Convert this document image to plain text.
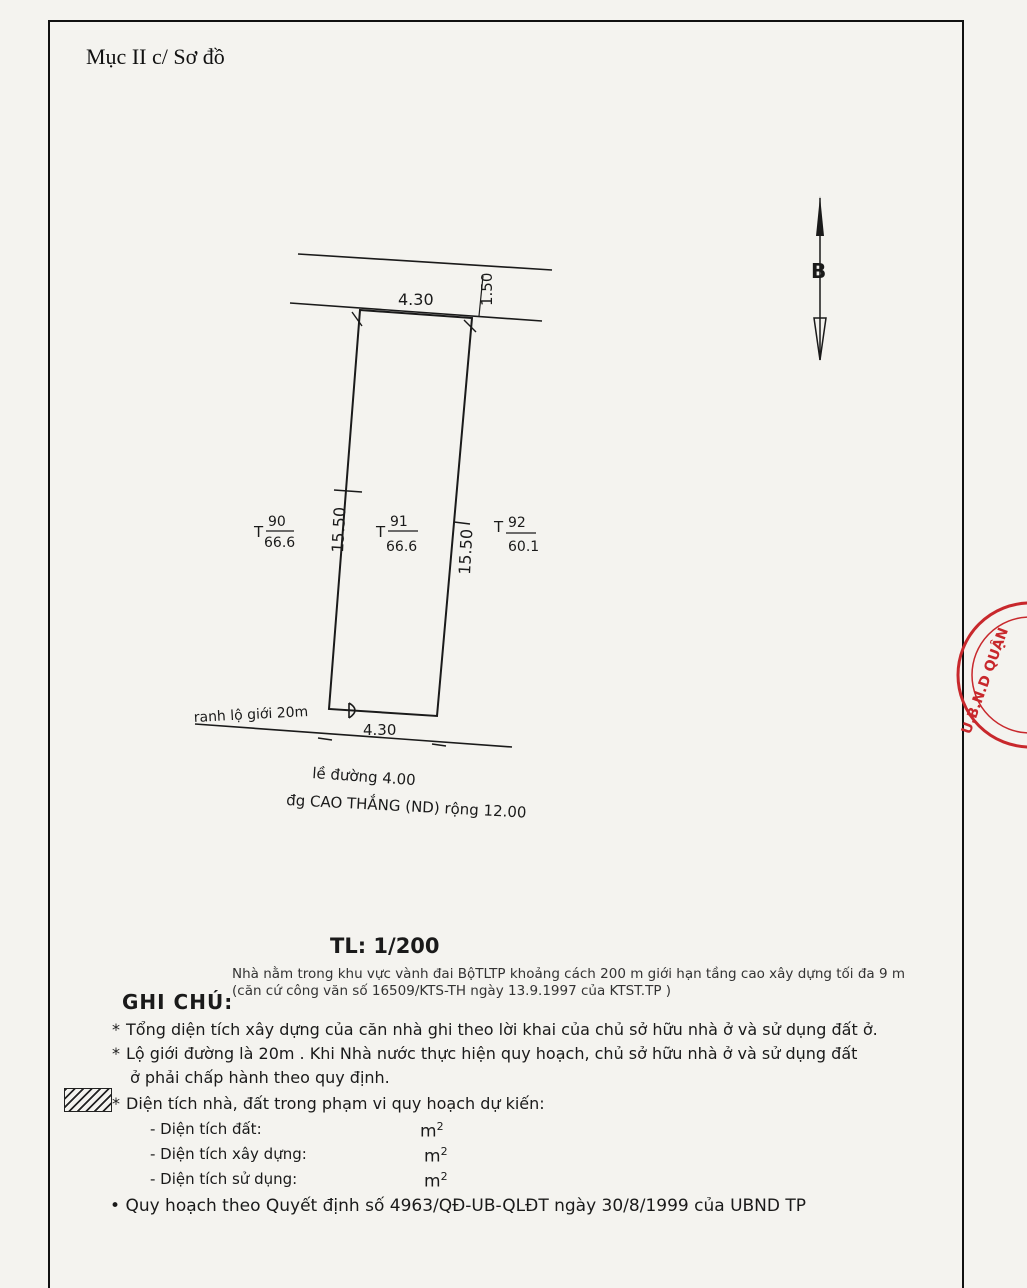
Mục II c/ Sơ đồ
4.30	1.50
15.50	15.50
4.30
T
90
66.6
T
91
66.6
T 92
60.1
ranh lộ giới 20m
lề đường 4.00
đg CAO THẮNG (ND) rộng 12.00
B
TL: 1/200
Nhà nằm trong khu vực vành đai BộTLTP khoảng cách 200 m giới hạn tầng cao xây dựng tối đa 9 m (căn cứ công văn số 16509/KTS-TH ngày 13.9.1997 của KTST.TP )
GHI CHÚ:
* Tổng diện tích xây dựng của căn nhà ghi theo lời khai của chủ sở hữu nhà ở và sử dụng đất ở.
* Lộ giới đường là 20m . Khi Nhà nước thực hiện quy hoạch, chủ sở hữu nhà ở và sử dụng đất
ở phải chấp hành theo quy định.
* Diện tích nhà, đất trong phạm vi quy hoạch dự kiến:
- Diện tích đất:	$m^2$
- Diện tích xây dựng:	$m^2$
- Diện tích sử dụng:	$m^2$
• Quy hoạch theo Quyết định số 4963/QĐ-UB-QLĐT ngày 30/8/1999 của UBND TP
U.B.N.D QUẬN
